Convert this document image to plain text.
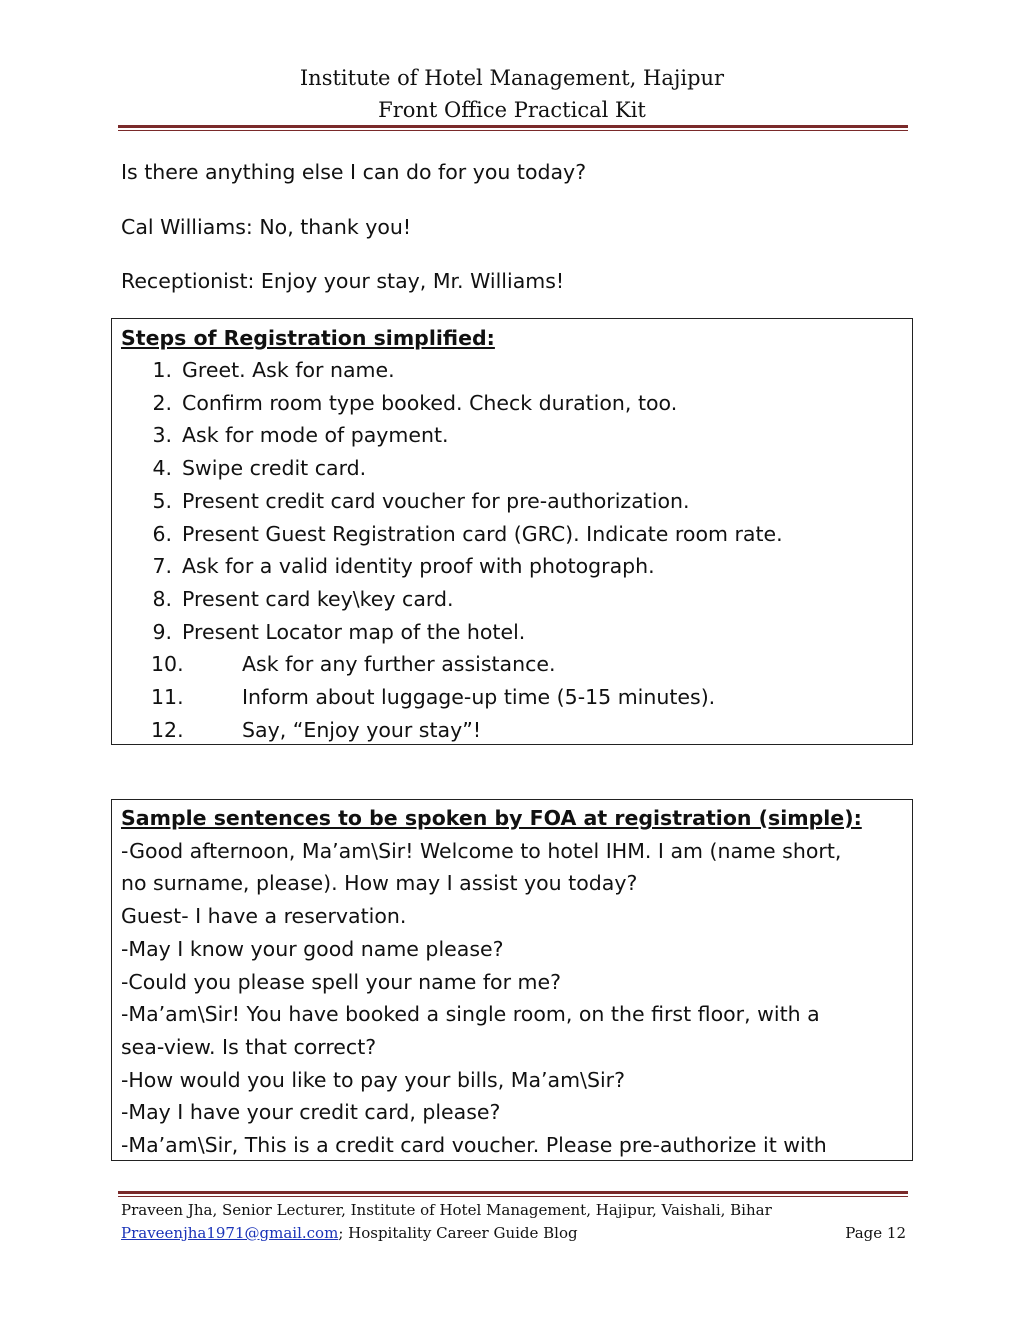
Institute of Hotel Management, Hajipur
Front Office Practical Kit
Is there anything else I can do for you today?
Cal Williams: No, thank you!
Receptionist: Enjoy your stay, Mr. Williams!
Steps of Registration simplified:
1. Greet. Ask for name.
2. Confirm room type booked. Check duration, too.
3. Ask for mode of payment.
4. Swipe credit card.
5. Present credit card voucher for pre-authorization.
6. Present Guest Registration card (GRC). Indicate room rate.
7. Ask for a valid identity proof with photograph.
8. Present card key\key card.
9. Present Locator map of the hotel.
10.	Ask for any further assistance.
11.	Inform about luggage-up time (5-15 minutes).
12.	Say, “Enjoy your stay”!
Sample sentences to be spoken by FOA at registration (simple):
-Good afternoon, Ma’am\Sir! Welcome to hotel IHM. I am (name short,
no surname, please). How may I assist you today?
Guest- I have a reservation.
-May I know your good name please?
-Could you please spell your name for me?
-Ma’am\Sir! You have booked a single room, on the first floor, with a
sea-view. Is that correct?
-How would you like to pay your bills, Ma’am\Sir?
-May I have your credit card, please?
-Ma’am\Sir, This is a credit card voucher. Please pre-authorize it with
Praveen Jha, Senior Lecturer, Institute of Hotel Management, Hajipur, Vaishali, Bihar
Praveenjha1971@gmail.com; Hospitality Career Guide Blog	Page 12
